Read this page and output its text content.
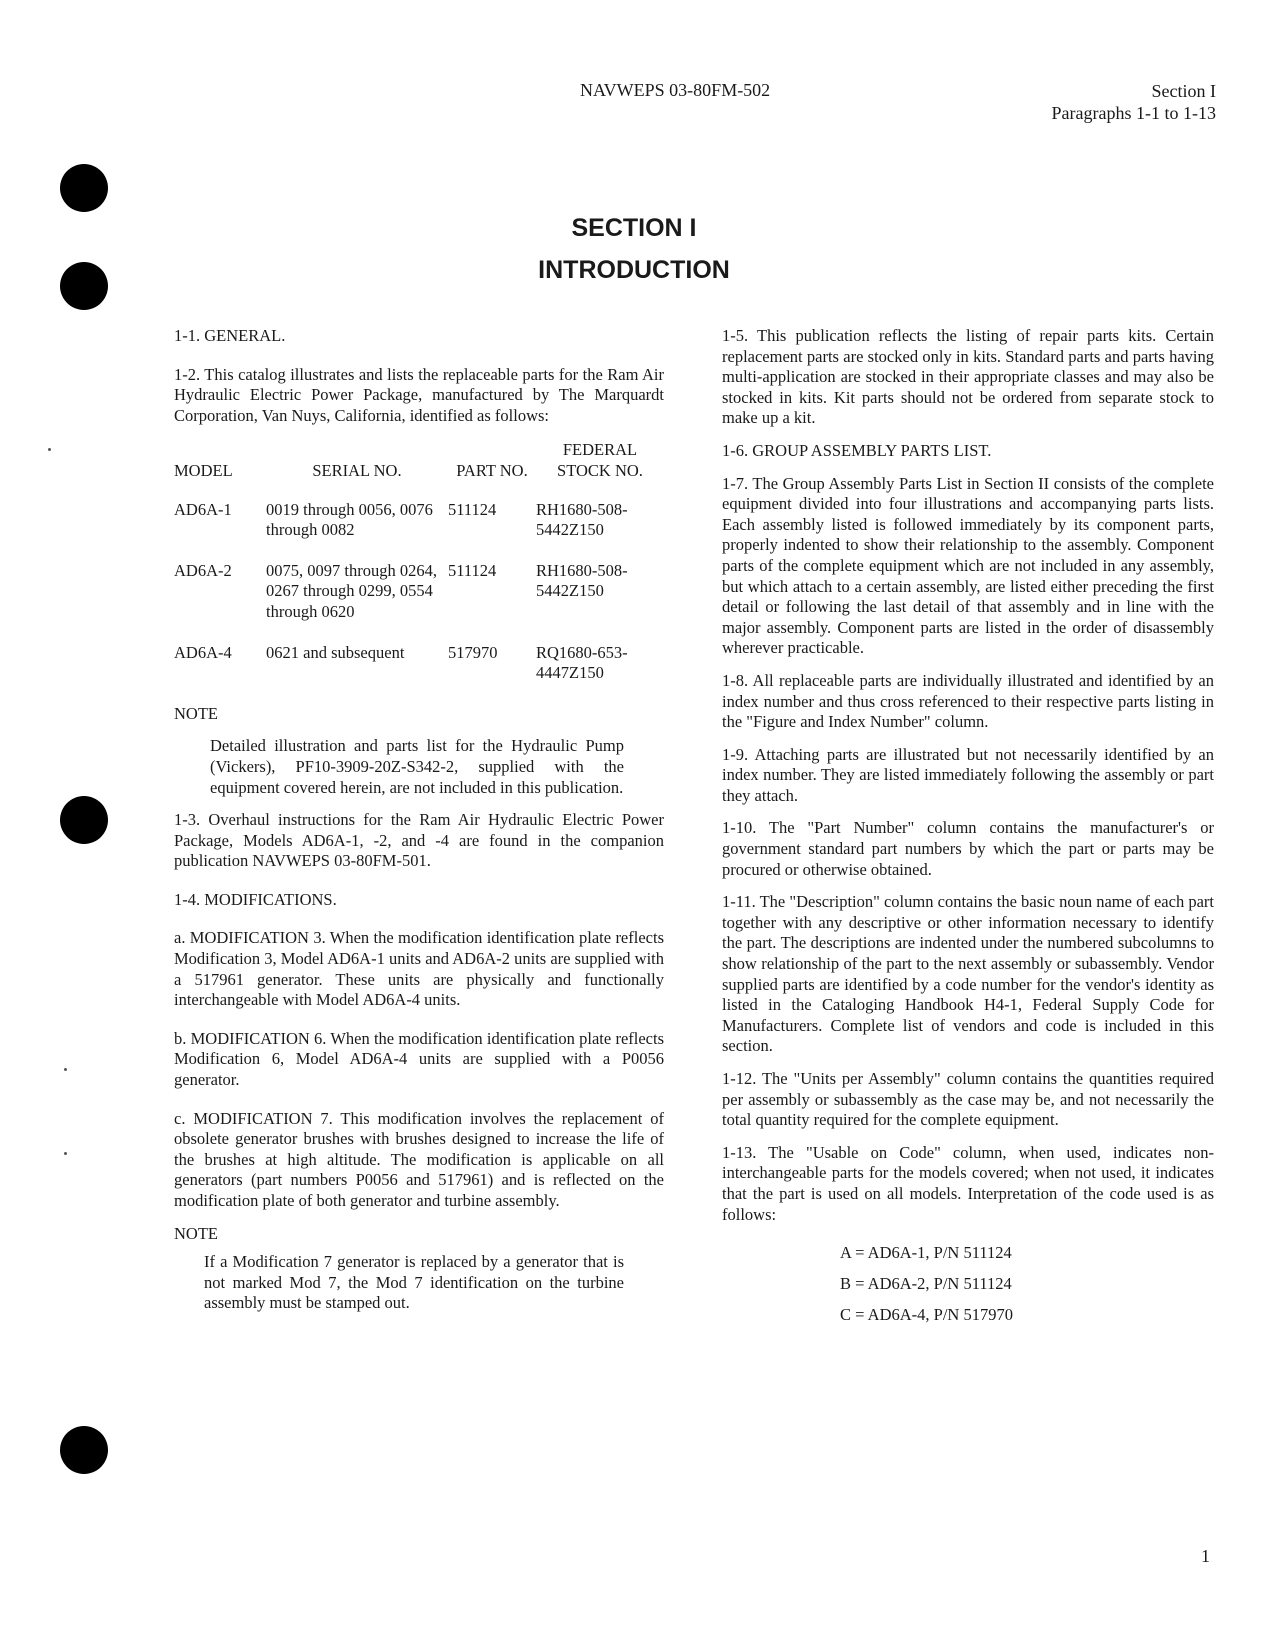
NAVWEPS 03-80FM-502	Section I
Paragraphs 1-1 to 1-13
SECTION I
INTRODUCTION

1-1. GENERAL.

1-2. This catalog illustrates and lists the replaceable parts for the Ram Air Hydraulic Electric Power Package, manufactured by The Marquardt Corporation, Van Nuys, California, identified as follows:

MODEL	SERIAL NO.	PART NO.	FEDERAL STOCK NO.
AD6A-1	0019 through 0056, 0076 through 0082	511124	RH1680-508-5442Z150
AD6A-2	0075, 0097 through 0264, 0267 through 0299, 0554 through 0620	511124	RH1680-508-5442Z150
AD6A-4	0621 and subsequent	517970	RQ1680-653-4447Z150

NOTE

Detailed illustration and parts list for the Hydraulic Pump (Vickers), PF10-3909-20Z-S342-2, supplied with the equipment covered herein, are not included in this publication.

1-3. Overhaul instructions for the Ram Air Hydraulic Electric Power Package, Models AD6A-1, -2, and -4 are found in the companion publication NAVWEPS 03-80FM-501.

1-4. MODIFICATIONS.

a. MODIFICATION 3. When the modification identification plate reflects Modification 3, Model AD6A-1 units and AD6A-2 units are supplied with a 517961 generator. These units are physically and functionally interchangeable with Model AD6A-4 units.

b. MODIFICATION 6. When the modification identification plate reflects Modification 6, Model AD6A-4 units are supplied with a P0056 generator.

c. MODIFICATION 7. This modification involves the replacement of obsolete generator brushes with brushes designed to increase the life of the brushes at high altitude. The modification is applicable on all generators (part numbers P0056 and 517961) and is reflected on the modification plate of both generator and turbine assembly.

NOTE

If a Modification 7 generator is replaced by a generator that is not marked Mod 7, the Mod 7 identification on the turbine assembly must be stamped out.

1-5. This publication reflects the listing of repair parts kits. Certain replacement parts are stocked only in kits. Standard parts and parts having multi-application are stocked in their appropriate classes and may also be stocked in kits. Kit parts should not be ordered from separate stock to make up a kit.

1-6. GROUP ASSEMBLY PARTS LIST.

1-7. The Group Assembly Parts List in Section II consists of the complete equipment divided into four illustrations and accompanying parts lists. Each assembly listed is followed immediately by its component parts, properly indented to show their relationship to the assembly. Component parts of the complete equipment which are not included in any assembly, but which attach to a certain assembly, are listed either preceding the first detail or following the last detail of that assembly and in line with the major assembly. Component parts are listed in the order of disassembly wherever practicable.

1-8. All replaceable parts are individually illustrated and identified by an index number and thus cross referenced to their respective parts listing in the "Figure and Index Number" column.

1-9. Attaching parts are illustrated but not necessarily identified by an index number. They are listed immediately following the assembly or part they attach.

1-10. The "Part Number" column contains the manufacturer's or government standard part numbers by which the part or parts may be procured or otherwise obtained.

1-11. The "Description" column contains the basic noun name of each part together with any descriptive or other information necessary to identify the part. The descriptions are indented under the numbered subcolumns to show relationship of the part to the next assembly or subassembly. Vendor supplied parts are identified by a code number for the vendor's identity as listed in the Cataloging Handbook H4-1, Federal Supply Code for Manufacturers. Complete list of vendors and code is included in this section.

1-12. The "Units per Assembly" column contains the quantities required per assembly or subassembly as the case may be, and not necessarily the total quantity required for the complete equipment.

1-13. The "Usable on Code" column, when used, indicates non-interchangeable parts for the models covered; when not used, it indicates that the part is used on all models. Interpretation of the code used is as follows:

A = AD6A-1, P/N 511124
B = AD6A-2, P/N 511124
C = AD6A-4, P/N 517970
1
